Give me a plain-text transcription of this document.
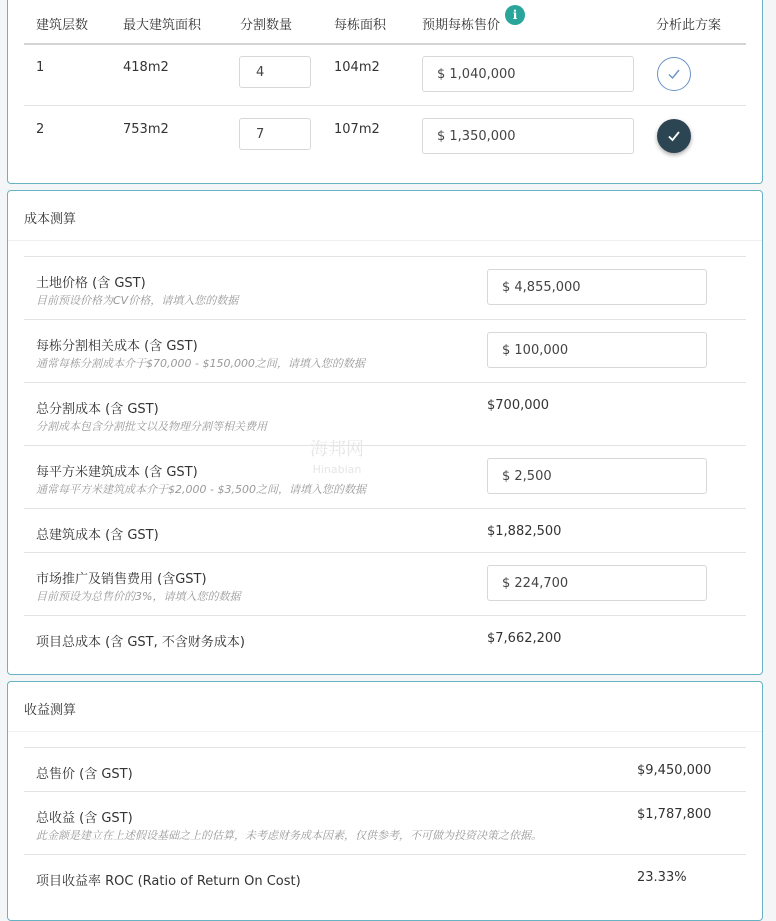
建筑层数	最大建筑面积	分割数量	每栋面积	预期每栋售价
i
分析此方案
1	418m2	4	104m2	$ 1,040,000
2	753m2	7	107m2	$ 1,350,000
成本测算
土地价格 (含 GST)
目前预设价格为CV价格，请填入您的数据
$ 4,855,000
每栋分割相关成本 (含 GST)
通常每栋分割成本介于$70,000 - $150,000之间，请填入您的数据
$ 100,000
总分割成本 (含 GST)
分割成本包含分割批文以及物理分割等相关费用
$700,000
每平方米建筑成本 (含 GST)
通常每平方米建筑成本介于$2,000 - $3,500之间，请填入您的数据
$ 2,500
总建筑成本 (含 GST)	$1,882,500
市场推广及销售费用 (含GST)
目前预设为总售价的3%，请填入您的数据
$ 224,700
项目总成本 (含 GST, 不含财务成本)	$7,662,200
收益测算
总售价 (含 GST)	$9,450,000
总收益 (含 GST)
此金额是建立在上述假设基础之上的估算，未考虑财务成本因素，仅供参考，不可做为投资决策之依据。
$1,787,800
项目收益率 ROC (Ratio of Return On Cost)	23.33%
海邦网
Hinabian
